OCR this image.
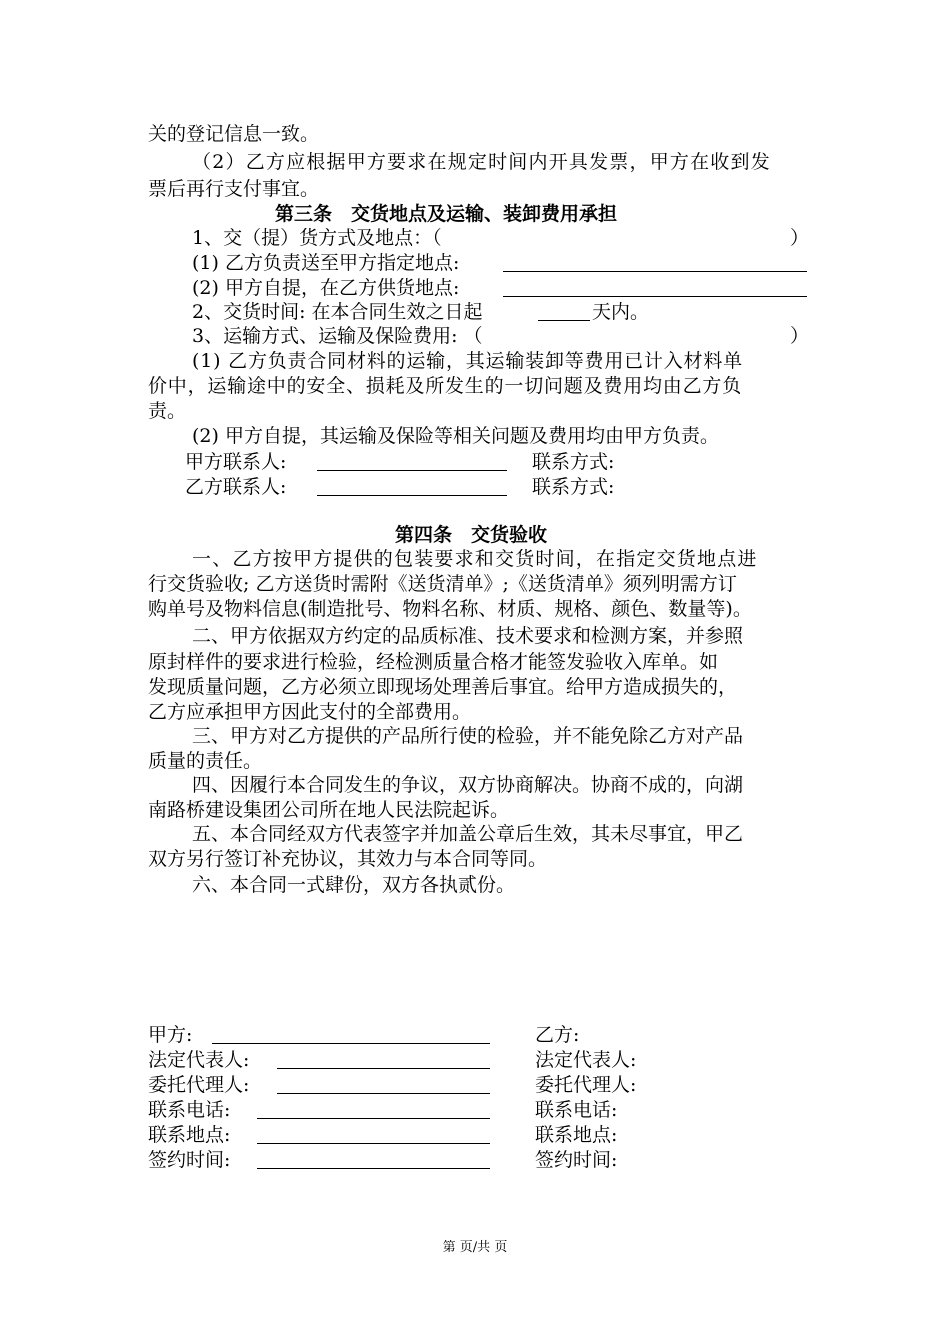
关的登记信息一致。
（2）乙方应根据甲方要求在规定时间内开具发票，甲方在收到发
票后再行支付事宜。
第三条　交货地点及运输、装卸费用承担
1、交（提）货方式及地点：（	）
(1) 乙方负责送至甲方指定地点:
(2) 甲方自提，在乙方供货地点:
2、交货时间: 在本合同生效之日起	天内。
3、运输方式、运输及保险费用: （	）
(1) 乙方负责合同材料的运输，其运输装卸等费用已计入材料单
价中，运输途中的安全、损耗及所发生的一切问题及费用均由乙方负
责。
(2) 甲方自提，其运输及保险等相关问题及费用均由甲方负责。
甲方联系人:	联系方式:
乙方联系人:	联系方式:
第四条　交货验收
一、乙方按甲方提供的包装要求和交货时间，在指定交货地点进
行交货验收; 乙方送货时需附《送货清单》;《送货清单》须列明需方订
购单号及物料信息(制造批号、物料名称、材质、规格、颜色、数量等)。
二、甲方依据双方约定的品质标准、技术要求和检测方案，并参照
原封样件的要求进行检验，经检测质量合格才能签发验收入库单。如
发现质量问题，乙方必须立即现场处理善后事宜。给甲方造成损失的，
乙方应承担甲方因此支付的全部费用。
三、甲方对乙方提供的产品所行使的检验，并不能免除乙方对产品
质量的责任。
四、因履行本合同发生的争议，双方协商解决。协商不成的，向湖
南路桥建设集团公司所在地人民法院起诉。
五、本合同经双方代表签字并加盖公章后生效，其未尽事宜，甲乙
双方另行签订补充协议，其效力与本合同等同。
六、本合同一式肆份，双方各执贰份。
甲方:	乙方:
法定代表人:	法定代表人:
委托代理人:	委托代理人:
联系电话:	联系电话:
联系地点:	联系地点:
签约时间:	签约时间:
第 页/共 页
